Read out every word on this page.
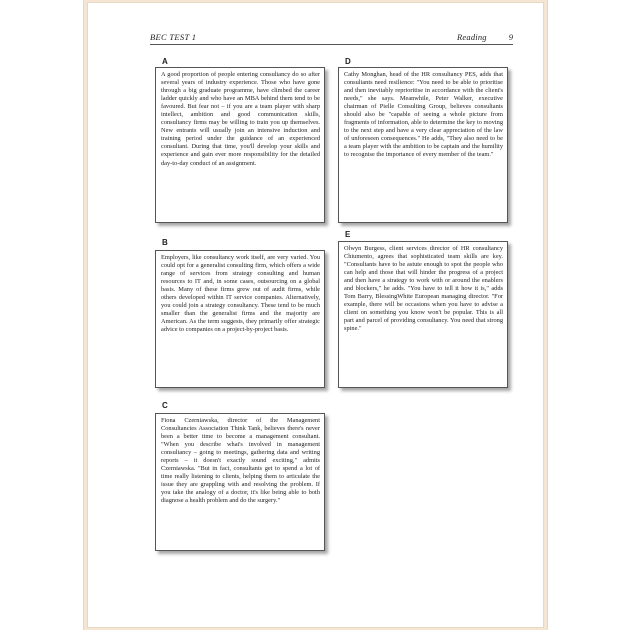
BEC TEST 1	Reading	9
A
A good proportion of people entering consultancy do so after several years of industry experience. Those who have gone through a big graduate programme, have climbed the career ladder quickly and who have an MBA behind them tend to be favoured. But fear not – if you are a team player with sharp intellect, ambition and good communication skills, consultancy firms may be willing to train you up themselves. New entrants will usually join an intensive induction and training period under the guidance of an experienced consultant. During that time, you'll develop your skills and experience and gain ever more responsibility for the detailed day-to-day conduct of an assignment.
D
Cathy Monghan, head of the HR consultancy PES, adds that consultants need resilience: "You need to be able to prioritise and then inevitably reprioritise in accordance with the client's needs," she says. Meanwhile, Peter Walker, executive chairman of Pielle Consulting Group, believes consultants should also be "capable of seeing a whole picture from fragments of information, able to determine the key to moving to the next step and have a very clear appreciation of the law of unforeseen consequences." He adds, "They also need to be a team player with the ambition to be captain and the humility to recognise the importance of every member of the team."
B
Employers, like consultancy work itself, are very varied. You could opt for a generalist consulting firm, which offers a wide range of services from strategy consulting and human resources to IT and, in some cases, outsourcing on a global basis. Many of these firms grew out of audit firms, while others developed within IT service companies. Alternatively, you could join a strategy consultancy. These tend to be much smaller than the generalist firms and the majority are American. As the term suggests, they primarily offer strategic advice to companies on a project-by-project basis.
E
Olwyn Burgess, client services director of HR consultancy Chiumento, agrees that sophisticated team skills are key. "Consultants have to be astute enough to spot the people who can help and those that will hinder the progress of a project and then have a strategy to work with or around the enablers and blockers," he adds. "You have to tell it how it is," adds Tom Barry, BlessingWhite European managing director. "For example, there will be occasions when you have to advise a client on something you know won't be popular. This is all part and parcel of providing consultancy. You need that strong spine."
C
Fiona Czerniawska, director of the Management Consultancies Association Think Tank, believes there's never been a better time to become a management consultant. "When you describe what's involved in management consultancy – going to meetings, gathering data and writing reports – it doesn't exactly sound exciting," admits Czerniawska. "But in fact, consultants get to spend a lot of time really listening to clients, helping them to articulate the issue they are grappling with and resolving the problem. If you take the analogy of a doctor, it's like being able to both diagnose a health problem and do the surgery."
